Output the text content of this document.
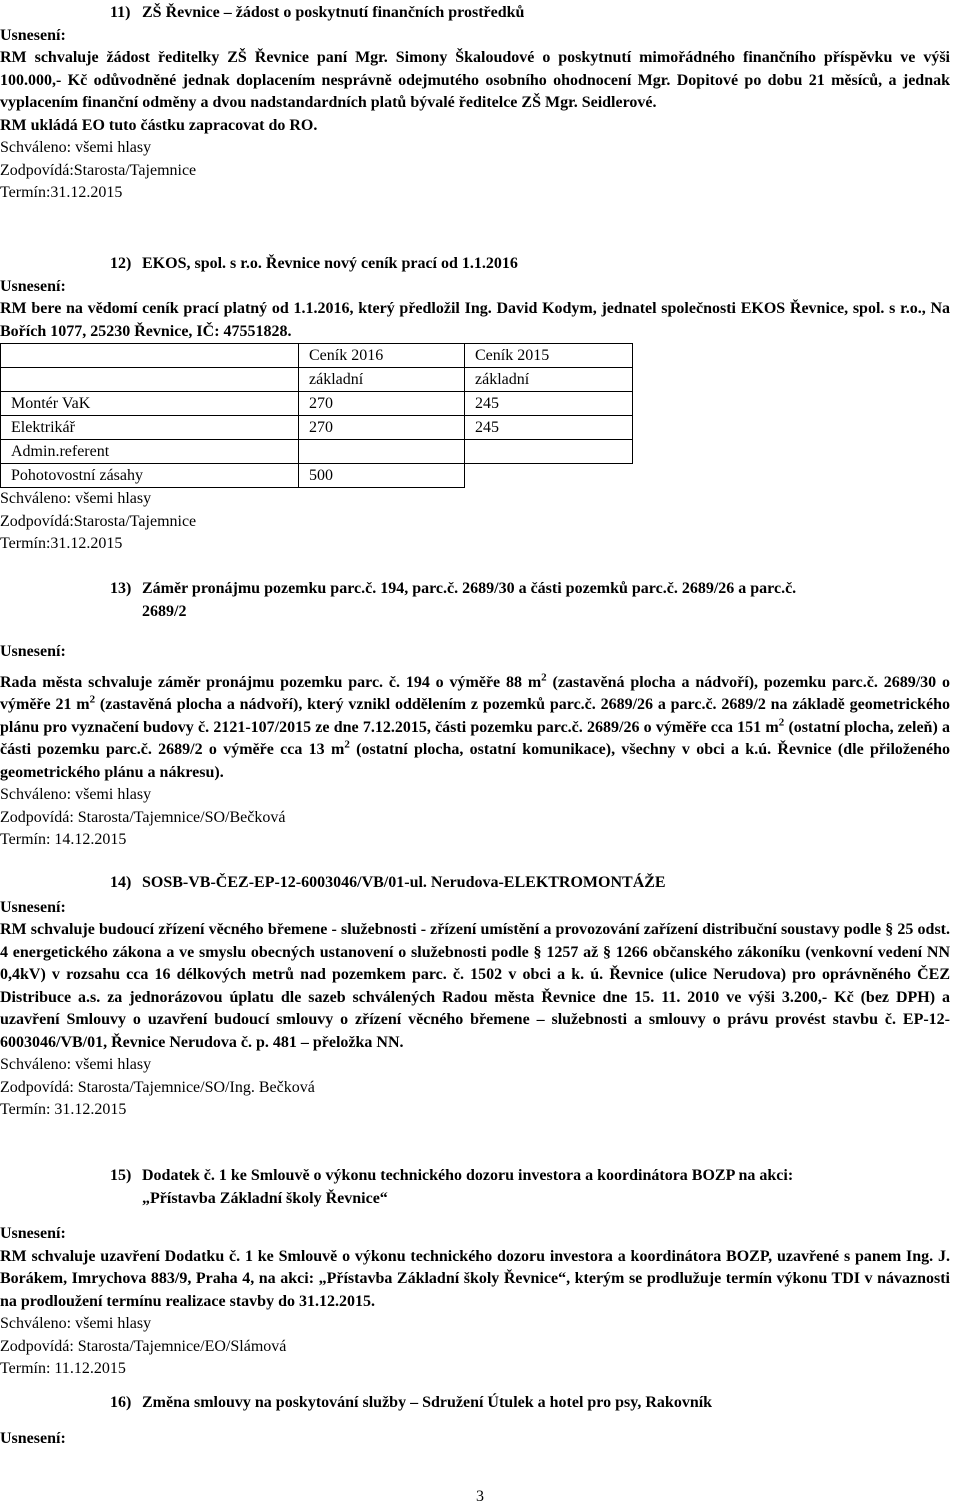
11) ZŠ Řevnice – žádost o poskytnutí finančních prostředků
Usnesení:
RM schvaluje žádost ředitelky ZŠ Řevnice paní Mgr. Simony Škaloudové o poskytnutí mimořádného finančního příspěvku ve výši 100.000,- Kč odůvodněné jednak doplacením nesprávně odejmutého osobního ohodnocení Mgr. Dopitové po dobu 21 měsíců, a jednak vyplacením finanční odměny a dvou nadstandardních platů bývalé ředitelce ZŠ Mgr. Seidlerové.
RM ukládá EO tuto částku zapracovat do RO.
Schváleno: všemi hlasy
Zodpovídá:Starosta/Tajemnice
Termín:31.12.2015
12) EKOS, spol. s r.o. Řevnice nový ceník prací od 1.1.2016
Usnesení:
RM bere na vědomí ceník prací platný od 1.1.2016, který předložil Ing. David Kodym, jednatel společnosti EKOS Řevnice, spol. s r.o., Na Bořích 1077, 25230 Řevnice, IČ: 47551828.
	Ceník 2016	Ceník 2015
	základní	základní
Montér VaK	270	245
Elektrikář	270	245
Admin.referent		
Pohotovostní zásahy	500	
Schváleno: všemi hlasy
Zodpovídá:Starosta/Tajemnice
Termín:31.12.2015
13) Záměr pronájmu pozemku parc.č. 194, parc.č. 2689/30 a části pozemků parc.č. 2689/26 a parc.č.
2689/2
Usnesení:
Rada města schvaluje záměr pronájmu pozemku parc. č. 194 o výměře 88 $m^2$ (zastavěná plocha a nádvoří), pozemku parc.č. 2689/30 o výměře 21 $m^2$ (zastavěná plocha a nádvoří), který vznikl oddělením z pozemků parc.č. 2689/26 a parc.č. 2689/2 na základě geometrického plánu pro vyznačení budovy č. 2121-107/2015 ze dne 7.12.2015, části pozemku parc.č. 2689/26 o výměře cca 151 $m^2$ (ostatní plocha, zeleň) a části pozemku parc.č. 2689/2 o výměře cca 13 $m^2$ (ostatní plocha, ostatní komunikace), všechny v obci a k.ú. Řevnice (dle přiloženého geometrického plánu a nákresu).
Schváleno: všemi hlasy
Zodpovídá: Starosta/Tajemnice/SO/Bečková
Termín: 14.12.2015
14) SOSB-VB-ČEZ-EP-12-6003046/VB/01-ul. Nerudova-ELEKTROMONTÁŽE
Usnesení:
RM schvaluje budoucí zřízení věcného břemene - služebnosti - zřízení umístění a provozování zařízení distribuční soustavy podle § 25 odst. 4 energetického zákona a ve smyslu obecných ustanovení o služebnosti podle § 1257 až § 1266 občanského zákoníku (venkovní vedení NN 0,4kV) v rozsahu cca 16 délkových metrů nad pozemkem parc. č. 1502 v obci a k. ú. Řevnice (ulice Nerudova) pro oprávněného ČEZ Distribuce a.s. za jednorázovou úplatu dle sazeb schválených Radou města Řevnice dne 15. 11. 2010 ve výši 3.200,- Kč (bez DPH) a uzavření Smlouvy o uzavření budoucí smlouvy o zřízení věcného břemene – služebnosti a smlouvy o právu provést stavbu č. EP-12-6003046/VB/01, Řevnice Nerudova č. p. 481 – přeložka NN.
Schváleno: všemi hlasy
Zodpovídá: Starosta/Tajemnice/SO/Ing. Bečková
Termín: 31.12.2015
15) Dodatek č. 1 ke Smlouvě o výkonu technického dozoru investora a koordinátora BOZP na akci:
„Přístavba Základní školy Řevnice“
Usnesení:
RM schvaluje uzavření Dodatku č. 1 ke Smlouvě o výkonu technického dozoru investora a koordinátora BOZP, uzavřené s panem Ing. J. Borákem, Imrychova 883/9, Praha 4, na akci: „Přístavba Základní školy Řevnice“, kterým se prodlužuje termín výkonu TDI v návaznosti na prodloužení termínu realizace stavby do 31.12.2015.
Schváleno: všemi hlasy
Zodpovídá: Starosta/Tajemnice/EO/Slámová
Termín: 11.12.2015
16) Změna smlouvy na poskytování služby – Sdružení Útulek a hotel pro psy, Rakovník
Usnesení:
3
